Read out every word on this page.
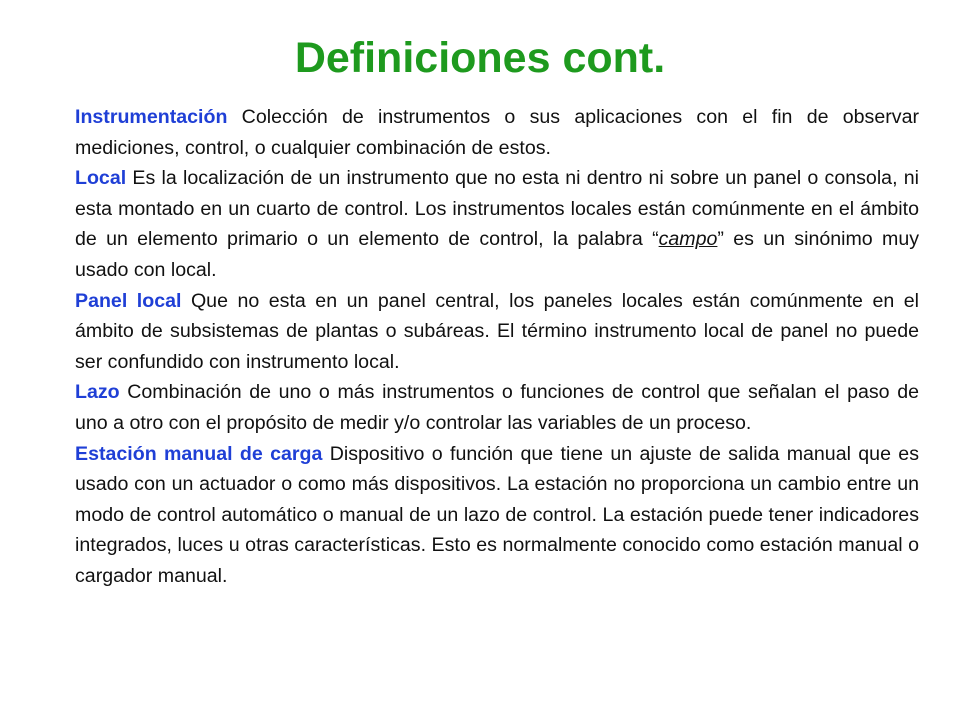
Definiciones cont.

Instrumentación Colección de instrumentos o sus aplicaciones con el fin de observar mediciones, control, o cualquier combinación de estos.

Local Es la localización de un instrumento que no esta ni dentro ni sobre un panel o consola, ni esta montado en un cuarto de control. Los instrumentos locales están comúnmente en el ámbito de un elemento primario o un elemento de control, la palabra “campo” es un sinónimo muy usado con local.

Panel local Que no esta en un panel central, los paneles locales están comúnmente en el ámbito de subsistemas de plantas o subáreas. El término instrumento local de panel no puede ser confundido con instrumento local.

Lazo Combinación de uno o más instrumentos o funciones de control que señalan el paso de uno a otro con el propósito de medir y/o controlar las variables de un proceso.

Estación manual de carga Dispositivo o función que tiene un ajuste de salida manual que es usado con un actuador o como más dispositivos. La estación no proporciona un cambio entre un modo de control automático o manual de un lazo de control. La estación puede tener indicadores integrados, luces u otras características. Esto es normalmente conocido como estación manual o cargador manual.
